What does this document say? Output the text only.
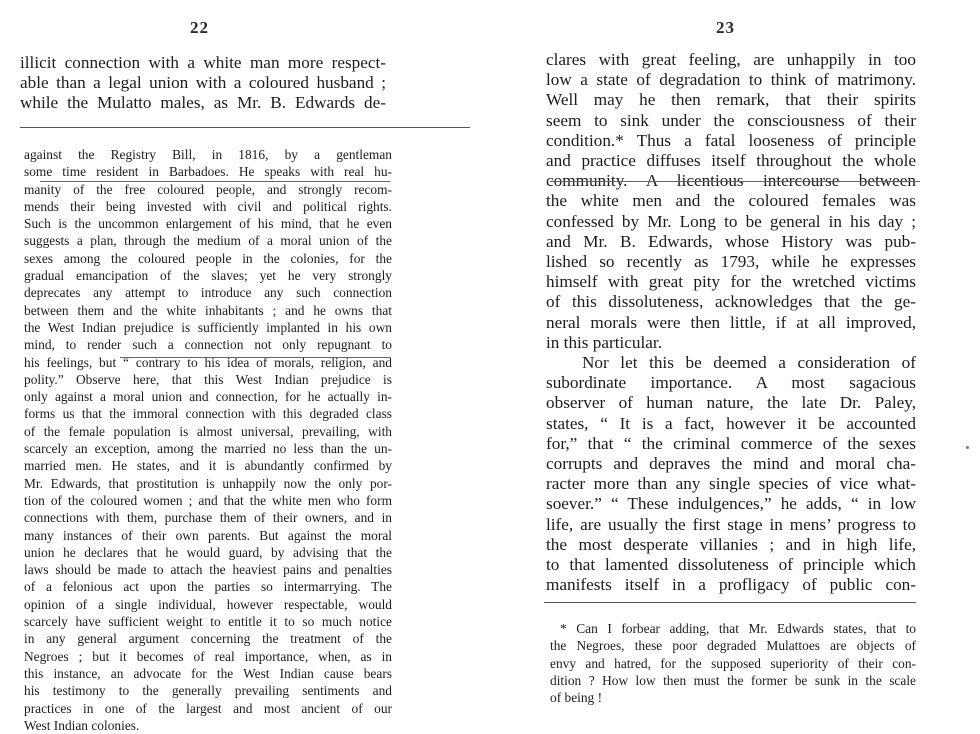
22
illicit connection with a white man more respect-
able than a legal union with a coloured husband ;
while the Mulatto males, as Mr. B. Edwards de-
against the Registry Bill, in 1816, by a gentleman
some time resident in Barbadoes. He speaks with real hu-
manity of the free coloured people, and strongly recom-
mends their being invested with civil and political rights.
Such is the uncommon enlargement of his mind, that he even
suggests a plan, through the medium of a moral union of the
sexes among the coloured people in the colonies, for the
gradual emancipation of the slaves; yet he very strongly
deprecates any attempt to introduce any such connection
between them and the white inhabitants ; and he owns that
the West Indian prejudice is sufficiently implanted in his own
mind, to render such a connection not only repugnant to
his feelings, but “ contrary to his idea of morals, religion, and
polity.” Observe here, that this West Indian prejudice is
only against a moral union and connection, for he actually in-
forms us that the immoral connection with this degraded class
of the female population is almost universal, prevailing, with
scarcely an exception, among the married no less than the un-
married men. He states, and it is abundantly confirmed by
Mr. Edwards, that prostitution is unhappily now the only por-
tion of the coloured women ; and that the white men who form
connections with them, purchase them of their owners, and in
many instances of their own parents. But against the moral
union he declares that he would guard, by advising that the
laws should be made to attach the heaviest pains and penalties
of a felonious act upon the parties so intermarrying. The
opinion of a single individual, however respectable, would
scarcely have sufficient weight to entitle it to so much notice
in any general argument concerning the treatment of the
Negroes ; but it becomes of real importance, when, as in
this instance, an advocate for the West Indian cause bears
his testimony to the generally prevailing sentiments and
practices in one of the largest and most ancient of our
West Indian colonies.
23
clares with great feeling, are unhappily in too
low a state of degradation to think of matrimony.
Well may he then remark, that their spirits
seem to sink under the consciousness of their
condition.* Thus a fatal looseness of principle
and practice diffuses itself throughout the whole
community. A licentious intercourse between
the white men and the coloured females was
confessed by Mr. Long to be general in his day ;
and Mr. B. Edwards, whose History was pub-
lished so recently as 1793, while he expresses
himself with great pity for the wretched victims
of this dissoluteness, acknowledges that the ge-
neral morals were then little, if at all improved,
in this particular.
Nor let this be deemed a consideration of
subordinate importance. A most sagacious
observer of human nature, the late Dr. Paley,
states, “ It is a fact, however it be accounted
for,” that “ the criminal commerce of the sexes
corrupts and depraves the mind and moral cha-
racter more than any single species of vice what-
soever.” “ These indulgences,” he adds, “ in low
life, are usually the first stage in mens’ progress to
the most desperate villanies ; and in high life,
to that lamented dissoluteness of principle which
manifests itself in a profligacy of public con-
* Can I forbear adding, that Mr. Edwards states, that to
the Negroes, these poor degraded Mulattoes are objects of
envy and hatred, for the supposed superiority of their con-
dition ? How low then must the former be sunk in the scale
of being !
